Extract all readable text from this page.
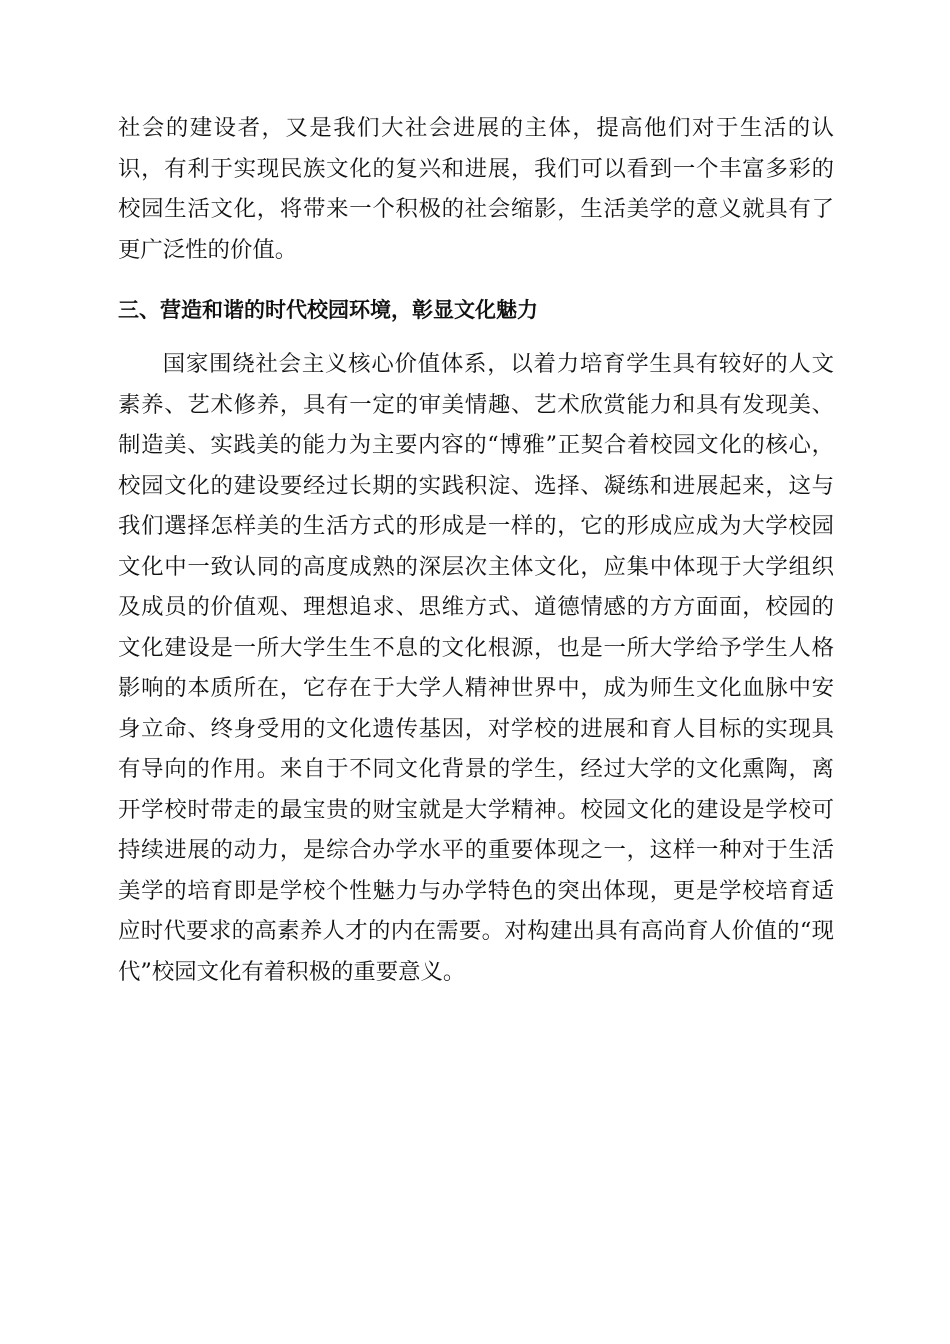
社会的建设者，又是我们大社会进展的主体，提高他们对于生活的认识，有利于实现民族文化的复兴和进展，我们可以看到一个丰富多彩的校园生活文化，将带来一个积极的社会缩影，生活美学的意义就具有了更广泛性的价值。

三、营造和谐的时代校园环境，彰显文化魅力

国家围绕社会主义核心价值体系，以着力培育学生具有较好的人文素养、艺术修养，具有一定的审美情趣、艺术欣赏能力和具有发现美、制造美、实践美的能力为主要内容的“博雅”正契合着校园文化的核心，校园文化的建设要经过长期的实践积淀、选择、凝练和进展起来，这与我们選择怎样美的生活方式的形成是一样的，它的形成应成为大学校园文化中一致认同的高度成熟的深层次主体文化，应集中体现于大学组织及成员的价值观、理想追求、思维方式、道德情感的方方面面，校园的文化建设是一所大学生生不息的文化根源，也是一所大学给予学生人格影响的本质所在，它存在于大学人精神世界中，成为师生文化血脉中安身立命、终身受用的文化遗传基因，对学校的进展和育人目标的实现具有导向的作用。来自于不同文化背景的学生，经过大学的文化熏陶，离开学校时带走的最宝贵的财宝就是大学精神。校园文化的建设是学校可持续进展的动力，是综合办学水平的重要体现之一，这样一种对于生活美学的培育即是学校个性魅力与办学特色的突出体现，更是学校培育适应时代要求的高素养人才的内在需要。对构建出具有高尚育人价值的“现代”校园文化有着积极的重要意义。
